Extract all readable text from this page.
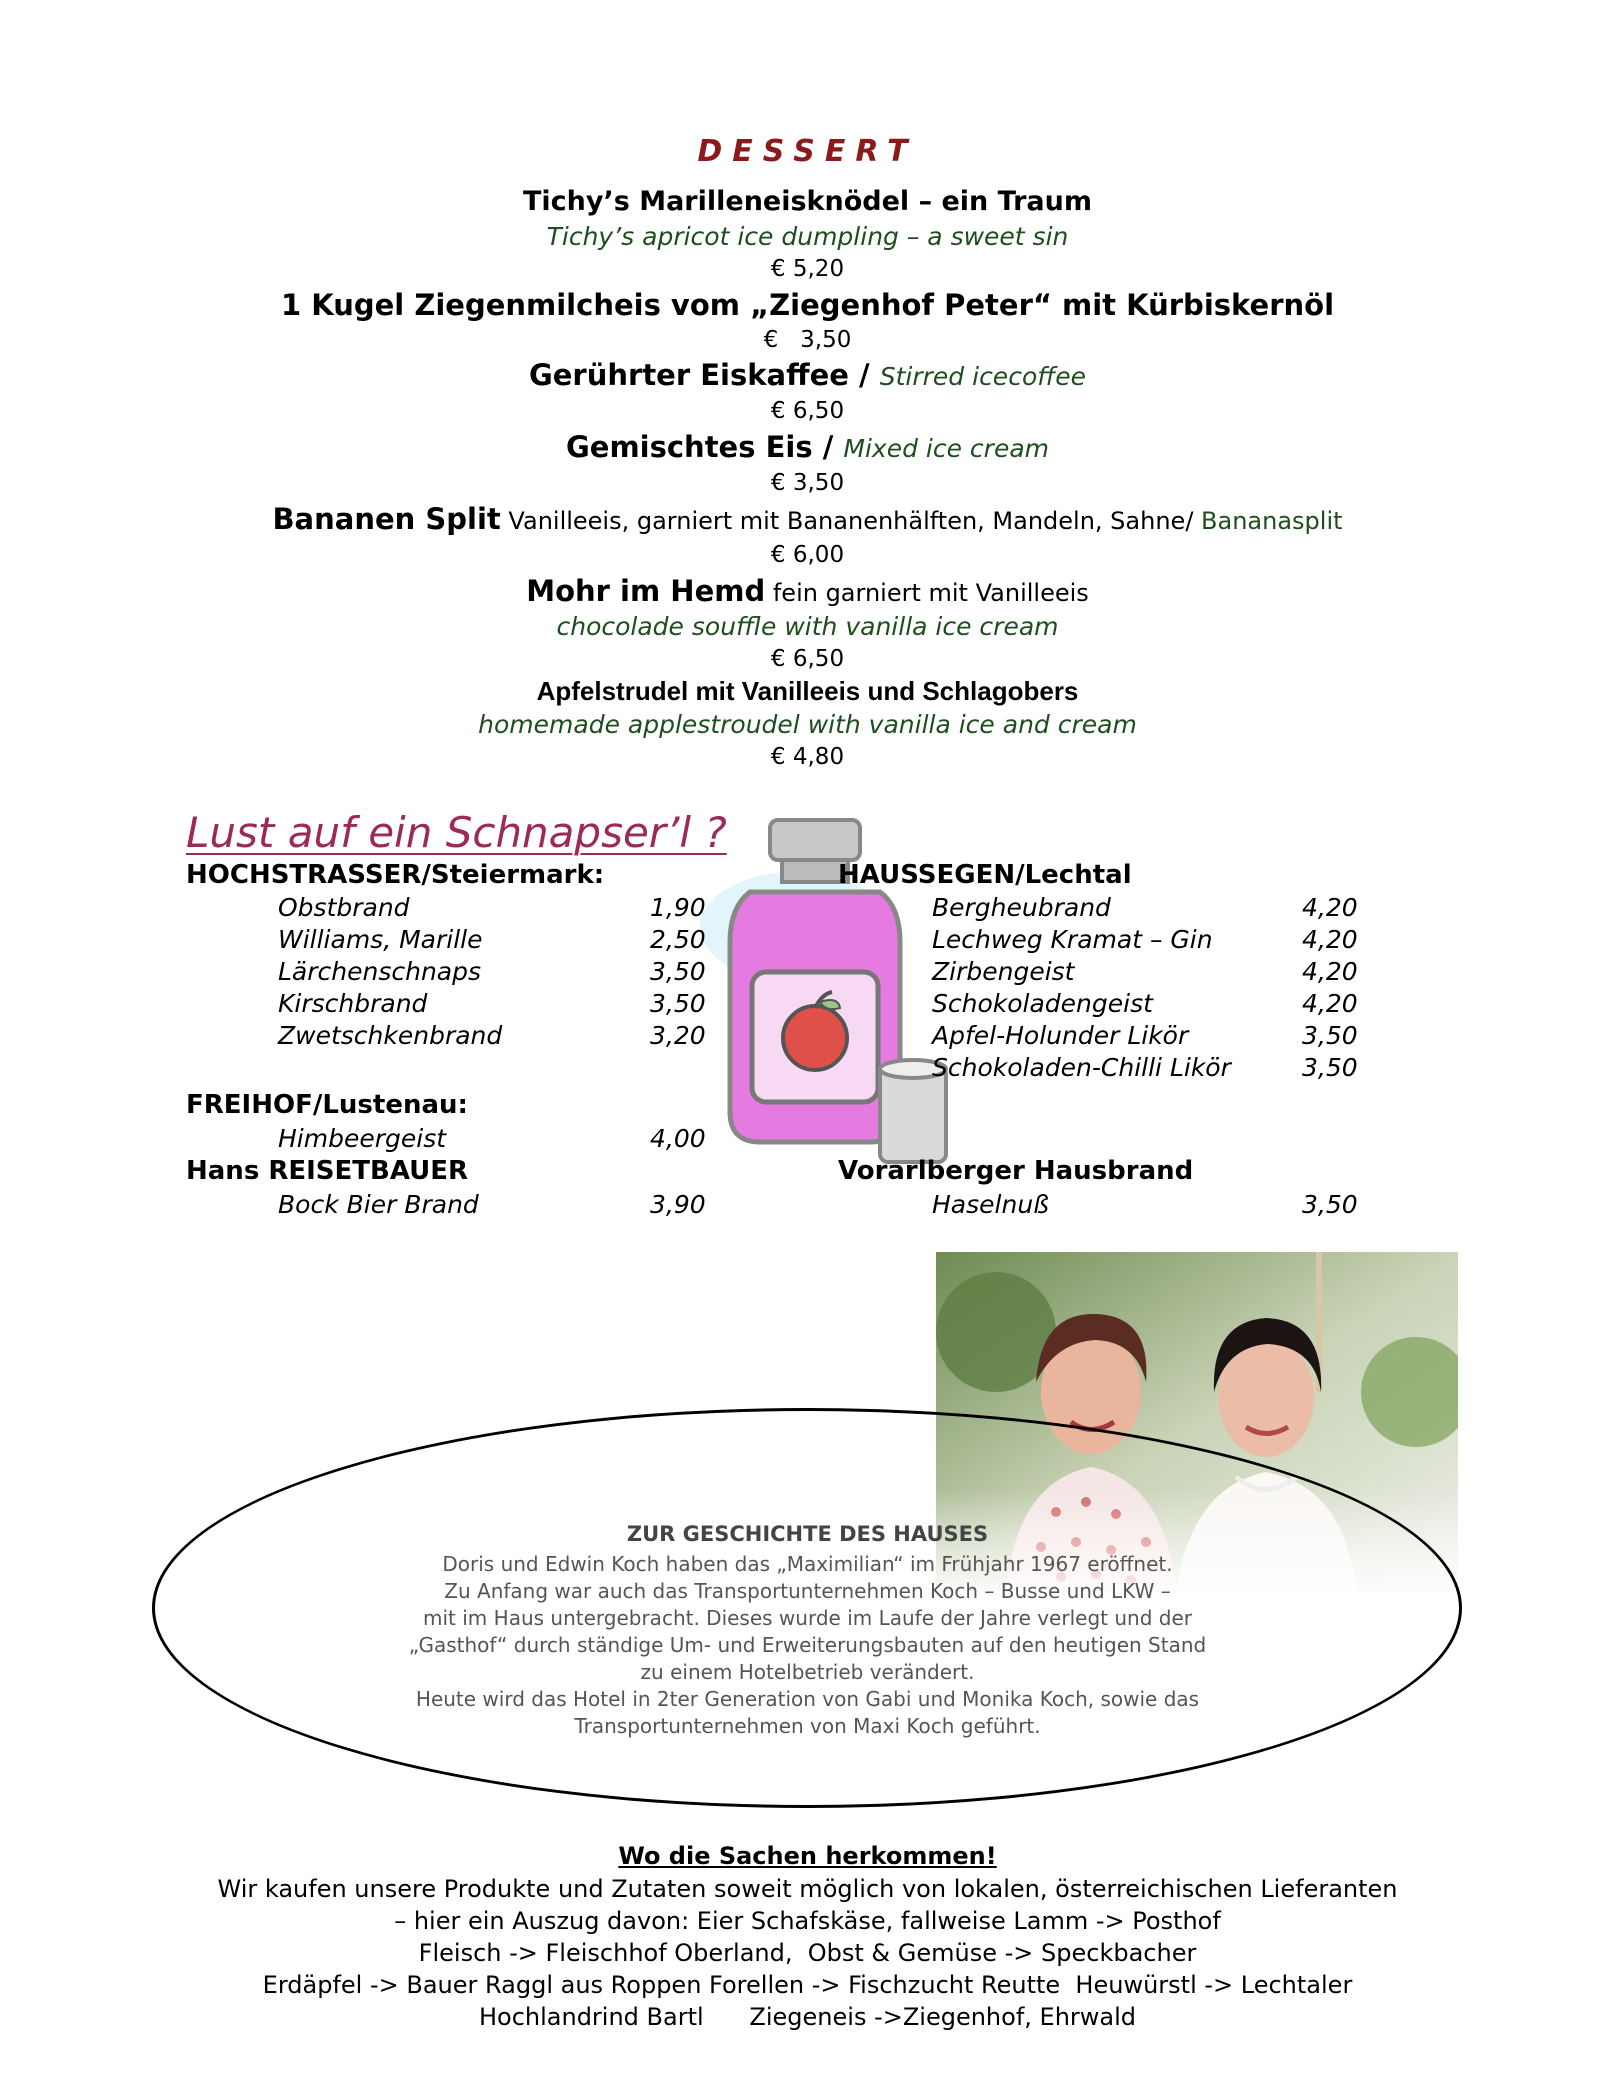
DESSERT
Tichy’s Marilleneisknödel – ein Traum
Tichy’s apricot ice dumpling – a sweet sin
€ 5,20
1 Kugel Ziegenmilcheis vom „Ziegenhof Peter“ mit Kürbiskernöl
€   3,50
Gerührter Eiskaffee / Stirred icecoffee
€ 6,50
Gemischtes Eis / Mixed ice cream
€ 3,50
Bananen Split Vanilleeis, garniert mit Bananenhälften, Mandeln, Sahne/ Bananasplit
€ 6,00
Mohr im Hemd fein garniert mit Vanilleeis
chocolade souffle with vanilla ice cream
€ 6,50
Apfelstrudel mit Vanilleeis und Schlagobers
homemade applestroudel with vanilla ice and cream
€ 4,80
Lust auf ein Schnapser’l ?
HOCHSTRASSER/Steiermark:
Obstbrand	1,90
Williams, Marille	2,50
Lärchenschnaps	3,50
Kirschbrand	3,50
Zwetschkenbrand	3,20
FREIHOF/Lustenau:
Himbeergeist	4,00
Hans REISETBAUER
Bock Bier Brand	3,90
HAUSSEGEN/Lechtal
Bergheubrand	4,20
Lechweg Kramat – Gin	4,20
Zirbengeist	4,20
Schokoladengeist	4,20
Apfel-Holunder Likör	3,50
Schokoladen-Chilli Likör	3,50
Vorarlberger Hausbrand
Haselnuß	3,50
ZUR GESCHICHTE DES HAUSES
Doris und Edwin Koch haben das „Maximilian“ im Frühjahr 1967 eröffnet.
Zu Anfang war auch das Transportunternehmen Koch – Busse und LKW –
mit im Haus untergebracht. Dieses wurde im Laufe der Jahre verlegt und der
„Gasthof“ durch ständige Um- und Erweiterungsbauten auf den heutigen Stand
zu einem Hotelbetrieb verändert.
Heute wird das Hotel in 2ter Generation von Gabi und Monika Koch, sowie das
Transportunternehmen von Maxi Koch geführt.
Wo die Sachen herkommen!
Wir kaufen unsere Produkte und Zutaten soweit möglich von lokalen, österreichischen Lieferanten
– hier ein Auszug davon: Eier Schafskäse, fallweise Lamm -> Posthof
Fleisch -> Fleischhof Oberland,  Obst & Gemüse -> Speckbacher
Erdäpfel -> Bauer Raggl aus Roppen Forellen -> Fischzucht Reutte  Heuwürstl -> Lechtaler
Hochlandrind Bartl      Ziegeneis ->Ziegenhof, Ehrwald
